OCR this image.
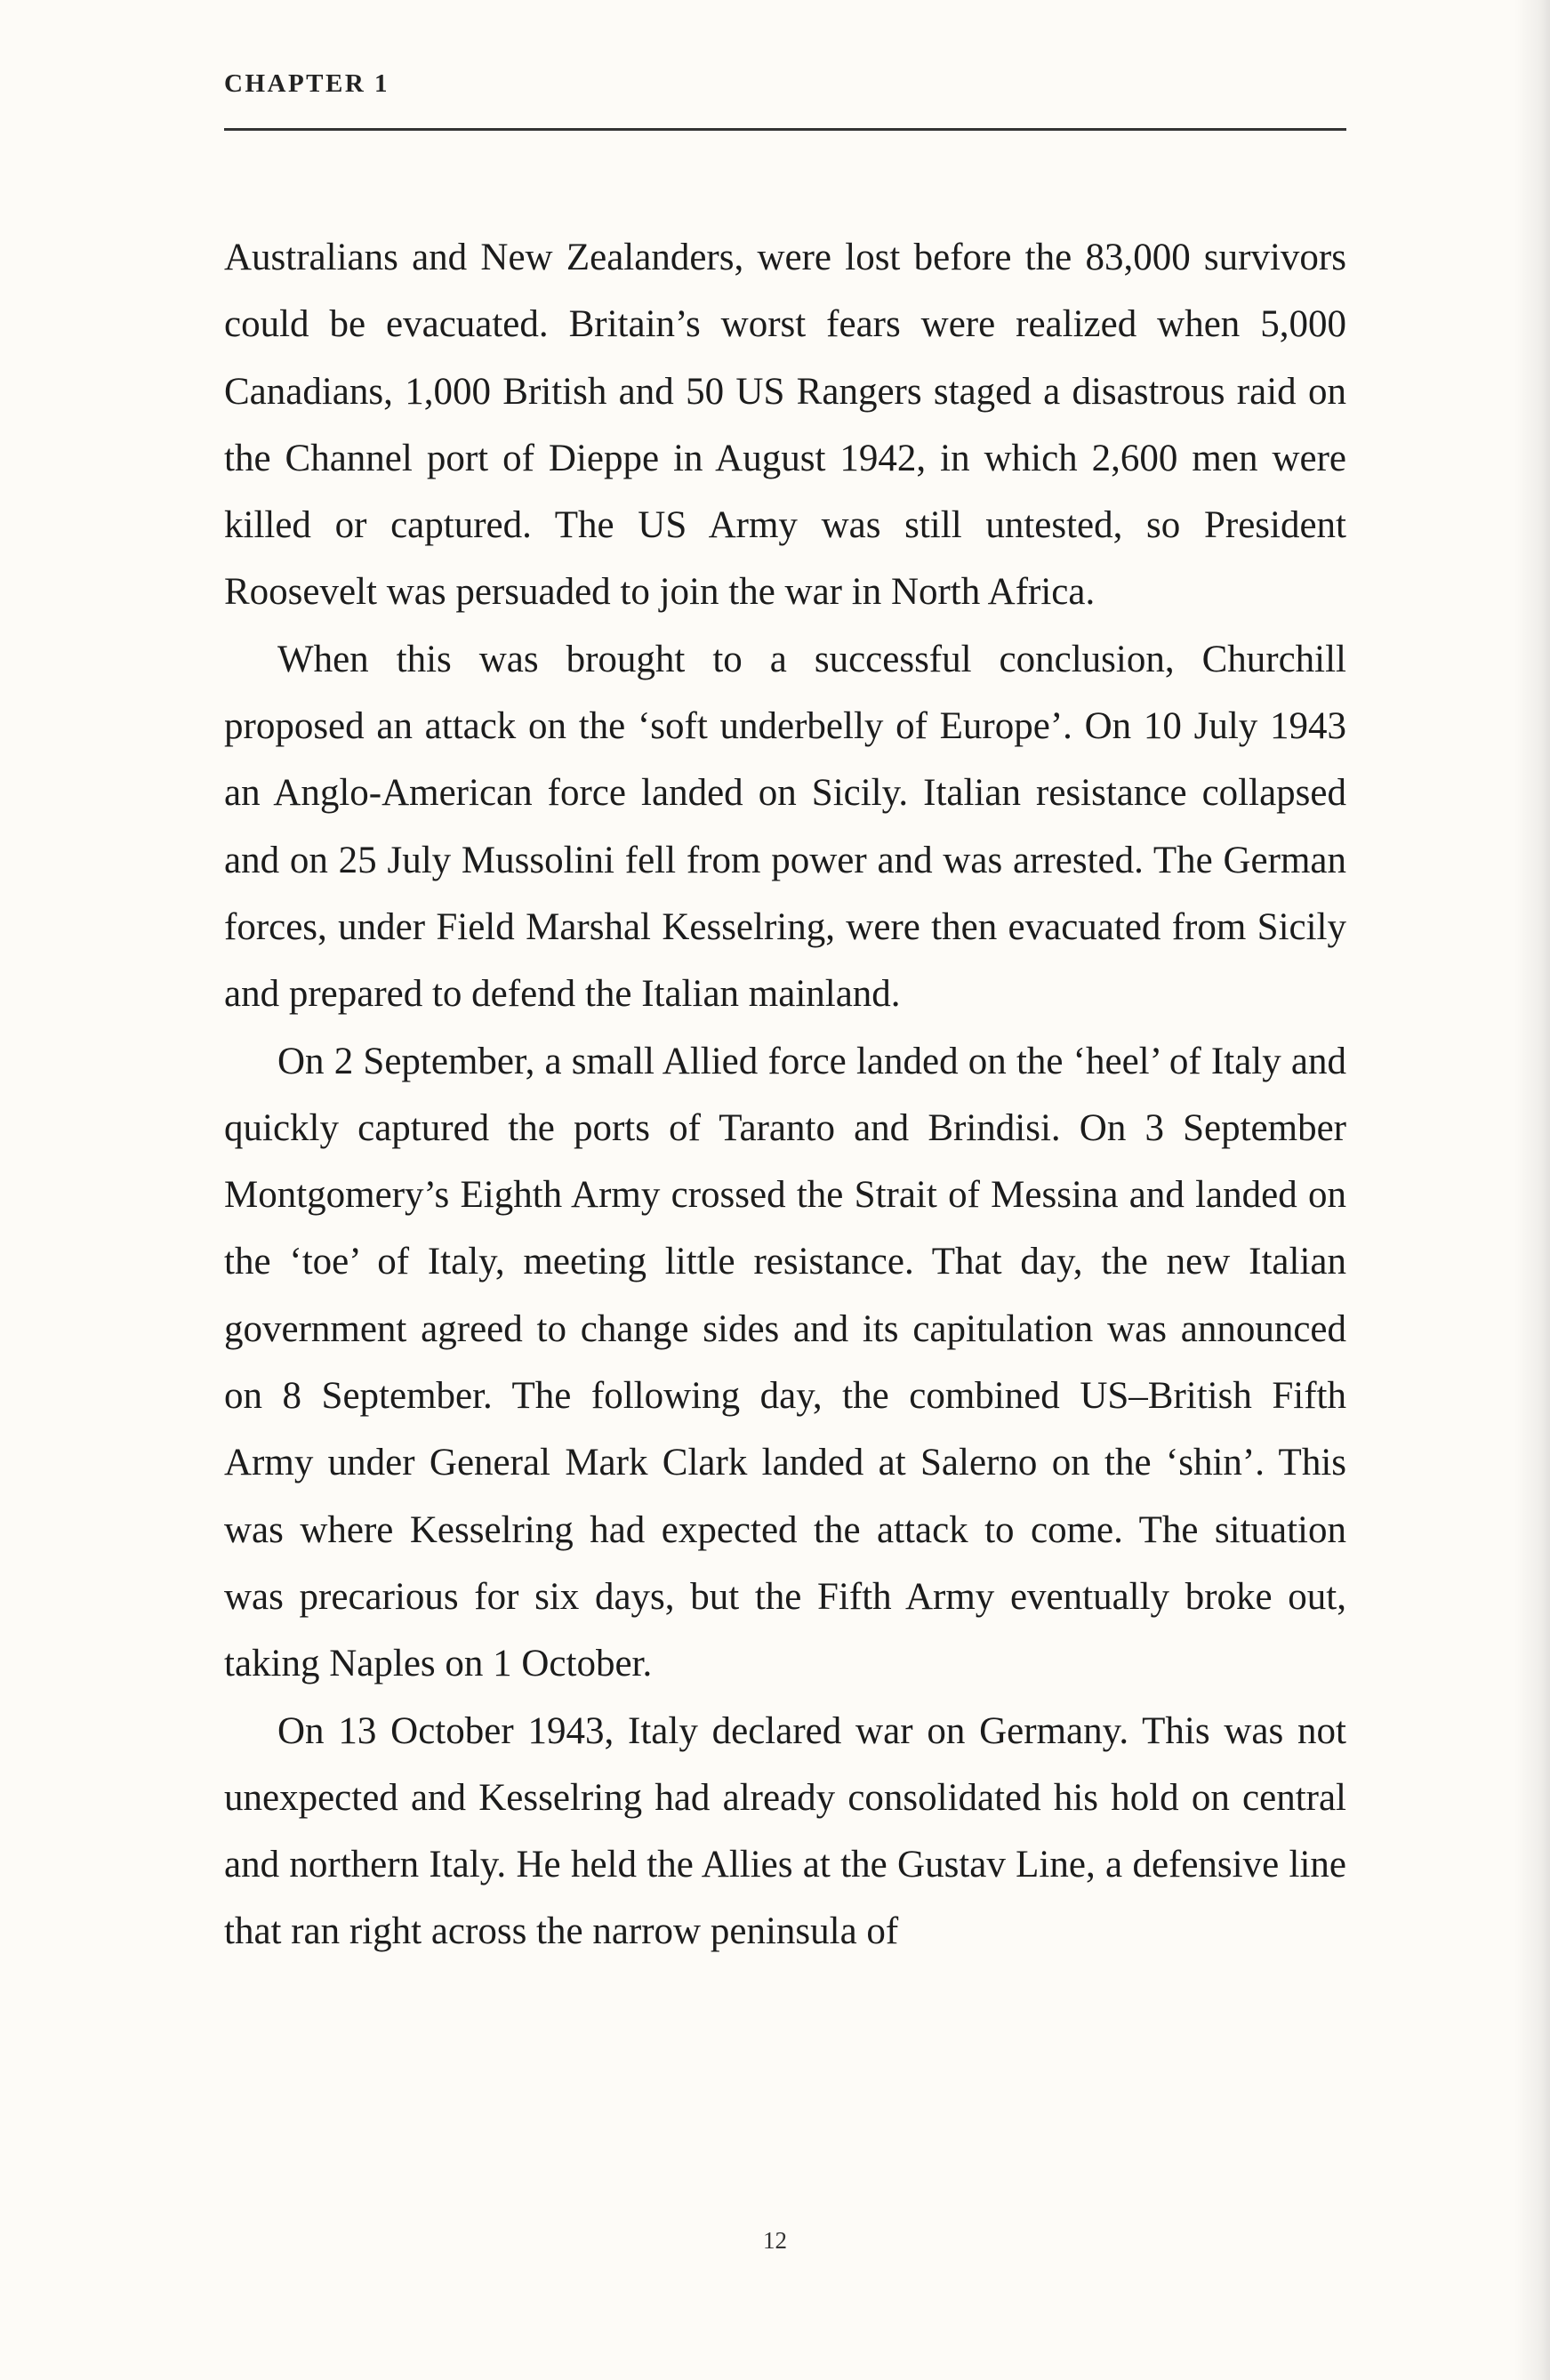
CHAPTER 1

Australians and New Zealanders, were lost before the 83,000 survivors could be evacuated. Britain’s worst fears were realized when 5,000 Canadians, 1,000 British and 50 US Rangers staged a disastrous raid on the Channel port of Dieppe in August 1942, in which 2,600 men were killed or captured. The US Army was still untested, so President Roosevelt was persuaded to join the war in North Africa.

When this was brought to a successful conclusion, Churchill proposed an attack on the ‘soft underbelly of Europe’. On 10 July 1943 an Anglo-American force landed on Sicily. Italian resistance collapsed and on 25 July Mussolini fell from power and was arrested. The German forces, under Field Marshal Kesselring, were then evacuated from Sicily and prepared to defend the Italian mainland.

On 2 September, a small Allied force landed on the ‘heel’ of Italy and quickly captured the ports of Taranto and Brindisi. On 3 September Montgomery’s Eighth Army crossed the Strait of Messina and landed on the ‘toe’ of Italy, meeting little resistance. That day, the new Italian government agreed to change sides and its capitulation was announced on 8 September. The following day, the combined US–British Fifth Army under General Mark Clark landed at Salerno on the ‘shin’. This was where Kesselring had expected the attack to come. The situation was precarious for six days, but the Fifth Army eventually broke out, taking Naples on 1 October.

On 13 October 1943, Italy declared war on Germany. This was not unexpected and Kesselring had already consolidated his hold on central and northern Italy. He held the Allies at the Gustav Line, a defensive line that ran right across the narrow peninsula of

12
